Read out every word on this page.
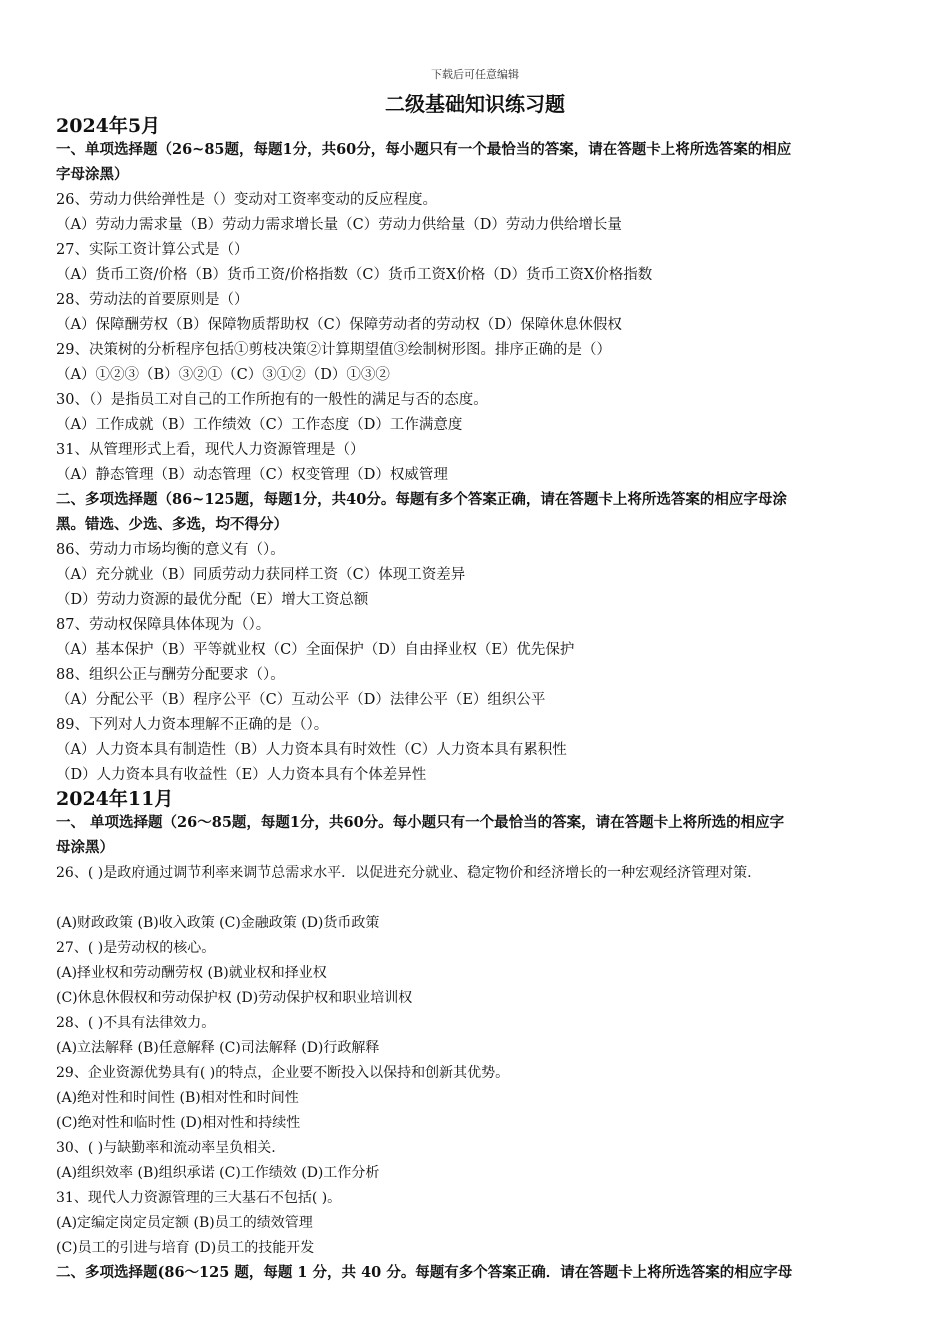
下载后可任意编辑
二级基础知识练习题
2024年5月
一、单项选择题（26~85题，每题1分，共60分，每小题只有一个最恰当的答案，请在答题卡上将所选答案的相应
字母涂黑）
26、劳动力供给弹性是（）变动对工资率变动的反应程度。
（A）劳动力需求量（B）劳动力需求增长量（C）劳动力供给量（D）劳动力供给增长量
27、实际工资计算公式是（）
（A）货币工资/价格（B）货币工资/价格指数（C）货币工资X价格（D）货币工资X价格指数
28、劳动法的首要原则是（）
（A）保障酬劳权（B）保障物质帮助权（C）保障劳动者的劳动权（D）保障休息休假权
29、决策树的分析程序包括①剪枝决策②计算期望值③绘制树形图。排序正确的是（）
（A）①②③（B）③②①（C）③①②（D）①③②
30、（）是指员工对自己的工作所抱有的一般性的满足与否的态度。
（A）工作成就（B）工作绩效（C）工作态度（D）工作满意度
31、从管理形式上看，现代人力资源管理是（）
（A）静态管理（B）动态管理（C）权变管理（D）权威管理
二、多项选择题（86~125题，每题1分，共40分。每题有多个答案正确，请在答题卡上将所选答案的相应字母涂
黑。错选、少选、多选，均不得分）
86、劳动力市场均衡的意义有（）。
（A）充分就业（B）同质劳动力获同样工资（C）体现工资差异
（D）劳动力资源的最优分配（E）增大工资总额
87、劳动权保障具体体现为（）。
（A）基本保护（B）平等就业权（C）全面保护（D）自由择业权（E）优先保护
88、组织公正与酬劳分配要求（）。
（A）分配公平（B）程序公平（C）互动公平（D）法律公平（E）组织公平
89、下列对人力资本理解不正确的是（）。
（A）人力资本具有制造性（B）人力资本具有时效性（C）人力资本具有累积性
（D）人力资本具有收益性（E）人力资本具有个体差异性
2024年11月
一、 单项选择题（26～85题，每题1分，共60分。每小题只有一个最恰当的答案，请在答题卡上将所选的相应字
母涂黑）
26、( )是政府通过调节利率来调节总需求水平．以促进充分就业、稳定物价和经济增长的一种宏观经济管理对策.
(A)财政政策 (B)收入政策 (C)金融政策 (D)货币政策
27、( )是劳动权的核心。
(A)择业权和劳动酬劳权 (B)就业权和择业权
(C)休息休假权和劳动保护权 (D)劳动保护权和职业培训权
28、( )不具有法律效力。
(A)立法解释 (B)任意解释 (C)司法解释 (D)行政解释
29、企业资源优势具有( )的特点，企业要不断投入以保持和创新其优势。
(A)绝对性和时间性 (B)相对性和时间性
(C)绝对性和临时性 (D)相对性和持续性
30、( )与缺勤率和流动率呈负相关.
(A)组织效率 (B)组织承诺 (C)工作绩效 (D)工作分析
31、现代人力资源管理的三大基石不包括( )。
(A)定编定岗定员定额 (B)员工的绩效管理
(C)员工的引进与培育 (D)员工的技能开发
二、多项选择题(86～125 题，每题 1 分，共 40 分。每题有多个答案正确．请在答题卡上将所选答案的相应字母
